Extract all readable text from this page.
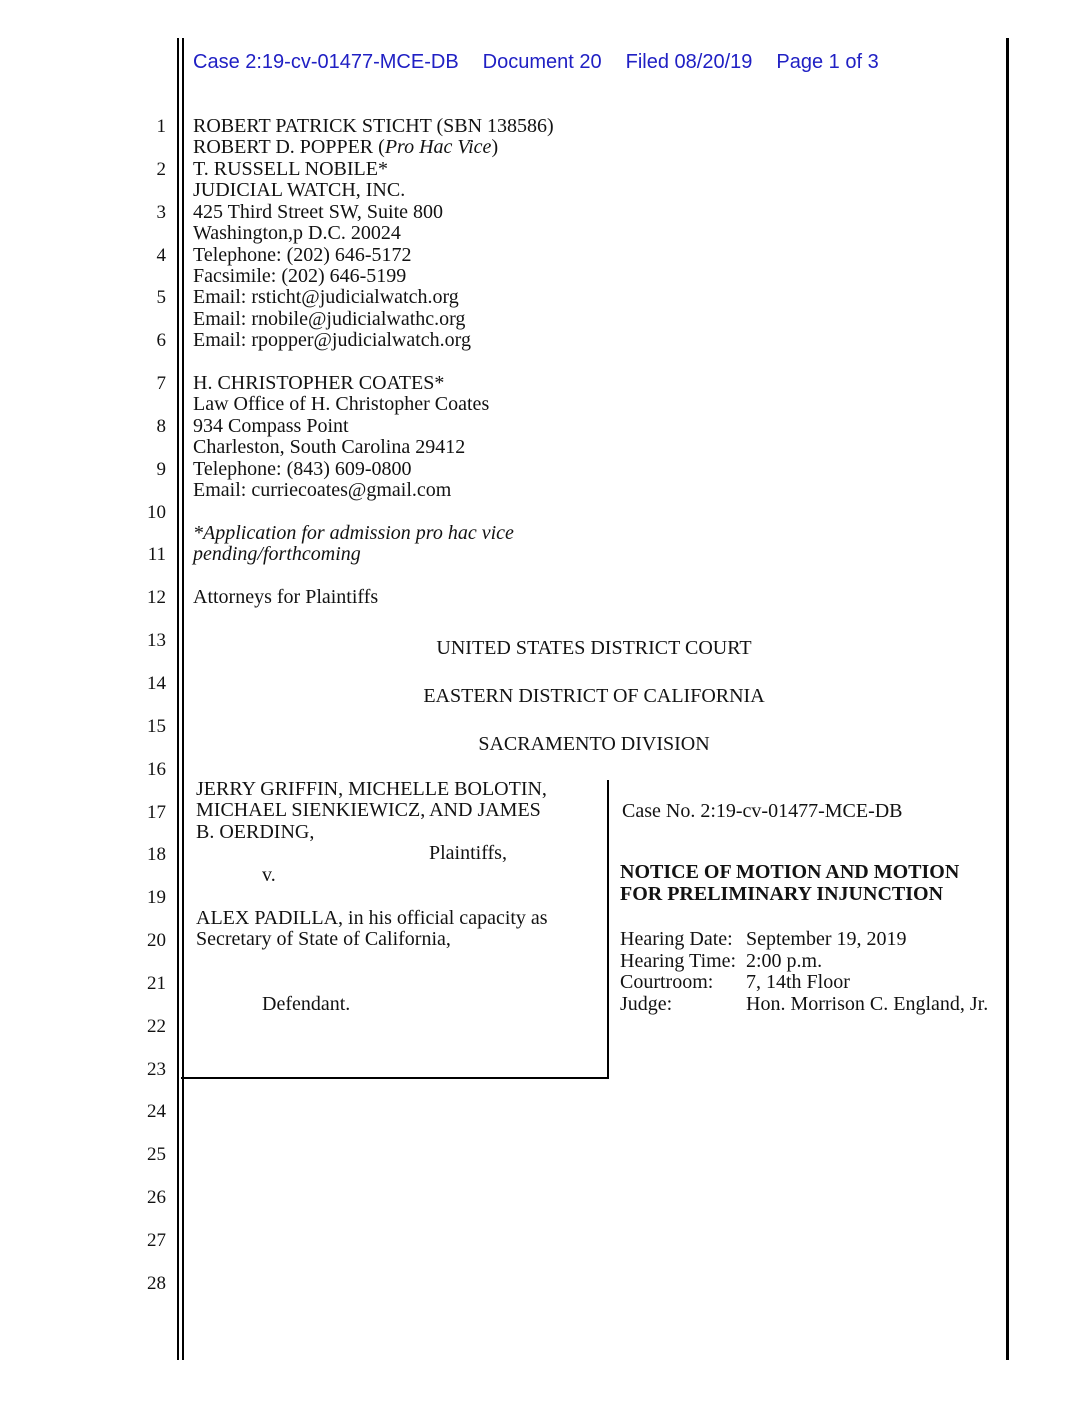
Case 2:19-cv-01477-MCE-DB Document 20 Filed 08/20/19 Page 1 of 3
1
2
3
4
5
6
7
8
9
10
11
12
13
14
15
16
17
18
19
20
21
22
23
24
25
26
27
28
ROBERT PATRICK STICHT (SBN 138586)
ROBERT D. POPPER (Pro Hac Vice)
T. RUSSELL NOBILE*
JUDICIAL WATCH, INC.
425 Third Street SW, Suite 800
Washington,p D.C. 20024
Telephone: (202) 646-5172
Facsimile: (202) 646-5199
Email: rsticht@judicialwatch.org
Email: rnobile@judicialwathc.org
Email: rpopper@judicialwatch.org

H. CHRISTOPHER COATES*
Law Office of H. Christopher Coates
934 Compass Point
Charleston, South Carolina 29412
Telephone: (843) 609-0800
Email: curriecoates@gmail.com

*Application for admission pro hac vice
pending/forthcoming

Attorneys for Plaintiffs
UNITED STATES DISTRICT COURT
EASTERN DISTRICT OF CALIFORNIA
SACRAMENTO DIVISION
JERRY GRIFFIN, MICHELLE BOLOTIN,
MICHAEL SIENKIEWICZ, AND JAMES
B. OERDING,
Plaintiffs,
v.

ALEX PADILLA, in his official capacity as
Secretary of State of California,

Defendant.
Case No. 2:19-cv-01477-MCE-DB
NOTICE OF MOTION AND MOTION
FOR PRELIMINARY INJUNCTION
Hearing Date: September 19, 2019
Hearing Time: 2:00 p.m.
Courtroom:	7, 14th Floor
Judge:	Hon. Morrison C. England, Jr.
